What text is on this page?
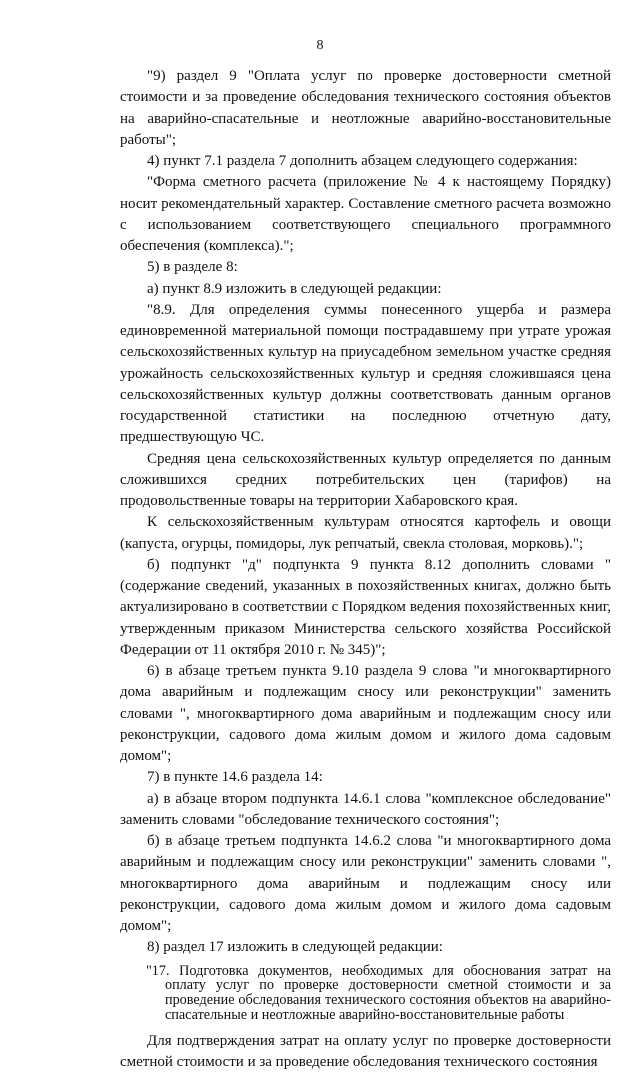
8

"9) раздел 9 "Оплата услуг по проверке достоверности сметной стоимости и за проведение обследования технического состояния объектов на аварийно-спасательные и неотложные аварийно-восстановительные работы";

4) пункт 7.1 раздела 7 дополнить абзацем следующего содержания:

"Форма сметного расчета (приложение № 4 к настоящему Порядку) носит рекомендательный характер. Составление сметного расчета возможно с использованием соответствующего специального программного обеспечения (комплекса).";

5) в разделе 8:

а) пункт 8.9 изложить в следующей редакции:

"8.9. Для определения суммы понесенного ущерба и размера единовременной материальной помощи пострадавшему при утрате урожая сельскохозяйственных культур на приусадебном земельном участке средняя урожайность сельскохозяйственных культур и средняя сложившаяся цена сельскохозяйственных культур должны соответствовать данным органов государственной статистики на последнюю отчетную дату, предшествующую ЧС.

Средняя цена сельскохозяйственных культур определяется по данным сложившихся средних потребительских цен (тарифов) на продовольственные товары на территории Хабаровского края.

К сельскохозяйственным культурам относятся картофель и овощи (капуста, огурцы, помидоры, лук репчатый, свекла столовая, морковь).";

б) подпункт "д" подпункта 9 пункта 8.12 дополнить словами "(содержание сведений, указанных в похозяйственных книгах, должно быть актуализировано в соответствии с Порядком ведения похозяйственных книг, утвержденным приказом Министерства сельского хозяйства Российской Федерации от 11 октября 2010 г. № 345)";

6) в абзаце третьем пункта 9.10 раздела 9 слова "и многоквартирного дома аварийным и подлежащим сносу или реконструкции" заменить словами ", многоквартирного дома аварийным и подлежащим сносу или реконструкции, садового дома жилым домом и жилого дома садовым домом";

7) в пункте 14.6 раздела 14:

а) в абзаце втором подпункта 14.6.1 слова "комплексное обследование" заменить словами "обследование технического состояния";

б) в абзаце третьем подпункта 14.6.2 слова "и многоквартирного дома аварийным и подлежащим сносу или реконструкции" заменить словами ", многоквартирного дома аварийным и подлежащим сносу или реконструкции, садового дома жилым домом и жилого дома садовым домом";

8) раздел 17 изложить в следующей редакции:

"17. Подготовка документов, необходимых для обоснования затрат на оплату услуг по проверке достоверности сметной стоимости и за проведение обследования технического состояния объектов на аварийно-спасательные и неотложные аварийно-восстановительные работы

Для подтверждения затрат на оплату услуг по проверке достоверности сметной стоимости и за проведение обследования технического состояния
